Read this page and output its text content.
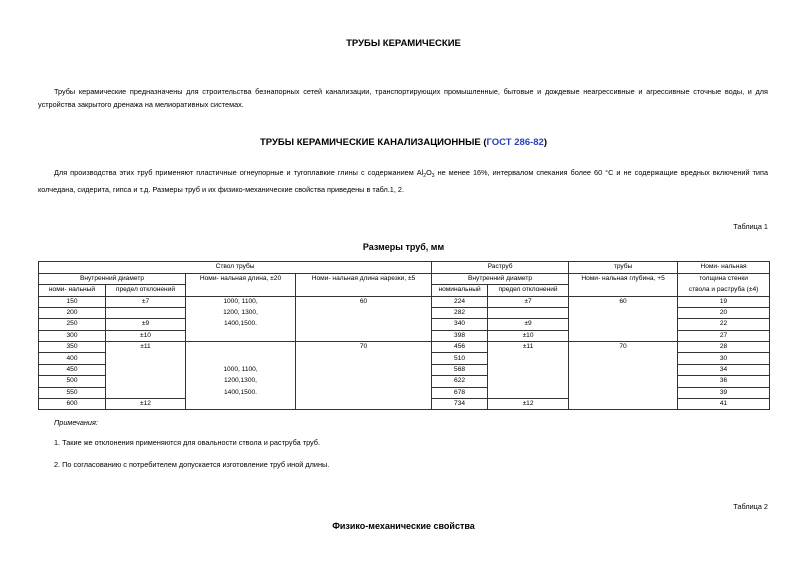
ТРУБЫ КЕРАМИЧЕСКИЕ
Трубы керамические предназначены для строительства безнапорных сетей канализации, транспортирующих промышленные, бытовые и дождевые неагрессивные и агрессивные сточные воды, и для устройства закрытого дренажа на мелиоративных системах.
ТРУБЫ КЕРАМИЧЕСКИЕ КАНАЛИЗАЦИОННЫЕ (ГОСТ 286-82)
Для производства этих труб применяют пластичные огнеупорные и тугоплавкие глины с содержанием $Al_2O_3$ не менее 16%, интервалом спекания более 60 °С и не содержащие вредных включений типа колчедана, сидерита, гипса и т.д. Размеры труб и их физико-механические свойства приведены в табл.1, 2.
Таблица 1
Размеры труб, мм
Ствол трубы				Раструб		трубы	Номи- нальная
Внутренний диаметр		Номи- нальная длина, ±20	Номи- нальная длина нарезки, ±5	Внутренний диаметр		Номи- нальная глубина, +5	толщина стенки
номи- нальный	предел отклонений			номинальный	предел отклонений		ствола и раструба (±4)
150	±7	1000, 1100,	60	224	±7	60	19
200		1200, 1300,		282			20
250	±9	1400,1500.		340	±9		22
300	±10			398	±10		27
350	±11		70	456	±11	70	28
400				510			30
450		1000, 1100,		568			34
500		1200,1300,		622			36
550		1400,1500.		678			39
600	±12			734	±12		41
Примечания:
1. Такие же отклонения применяются для овальности ствола и раструба труб.
2. По согласованию с потребителем допускается изготовление труб иной длины.
Таблица 2
Физико-механические свойства
